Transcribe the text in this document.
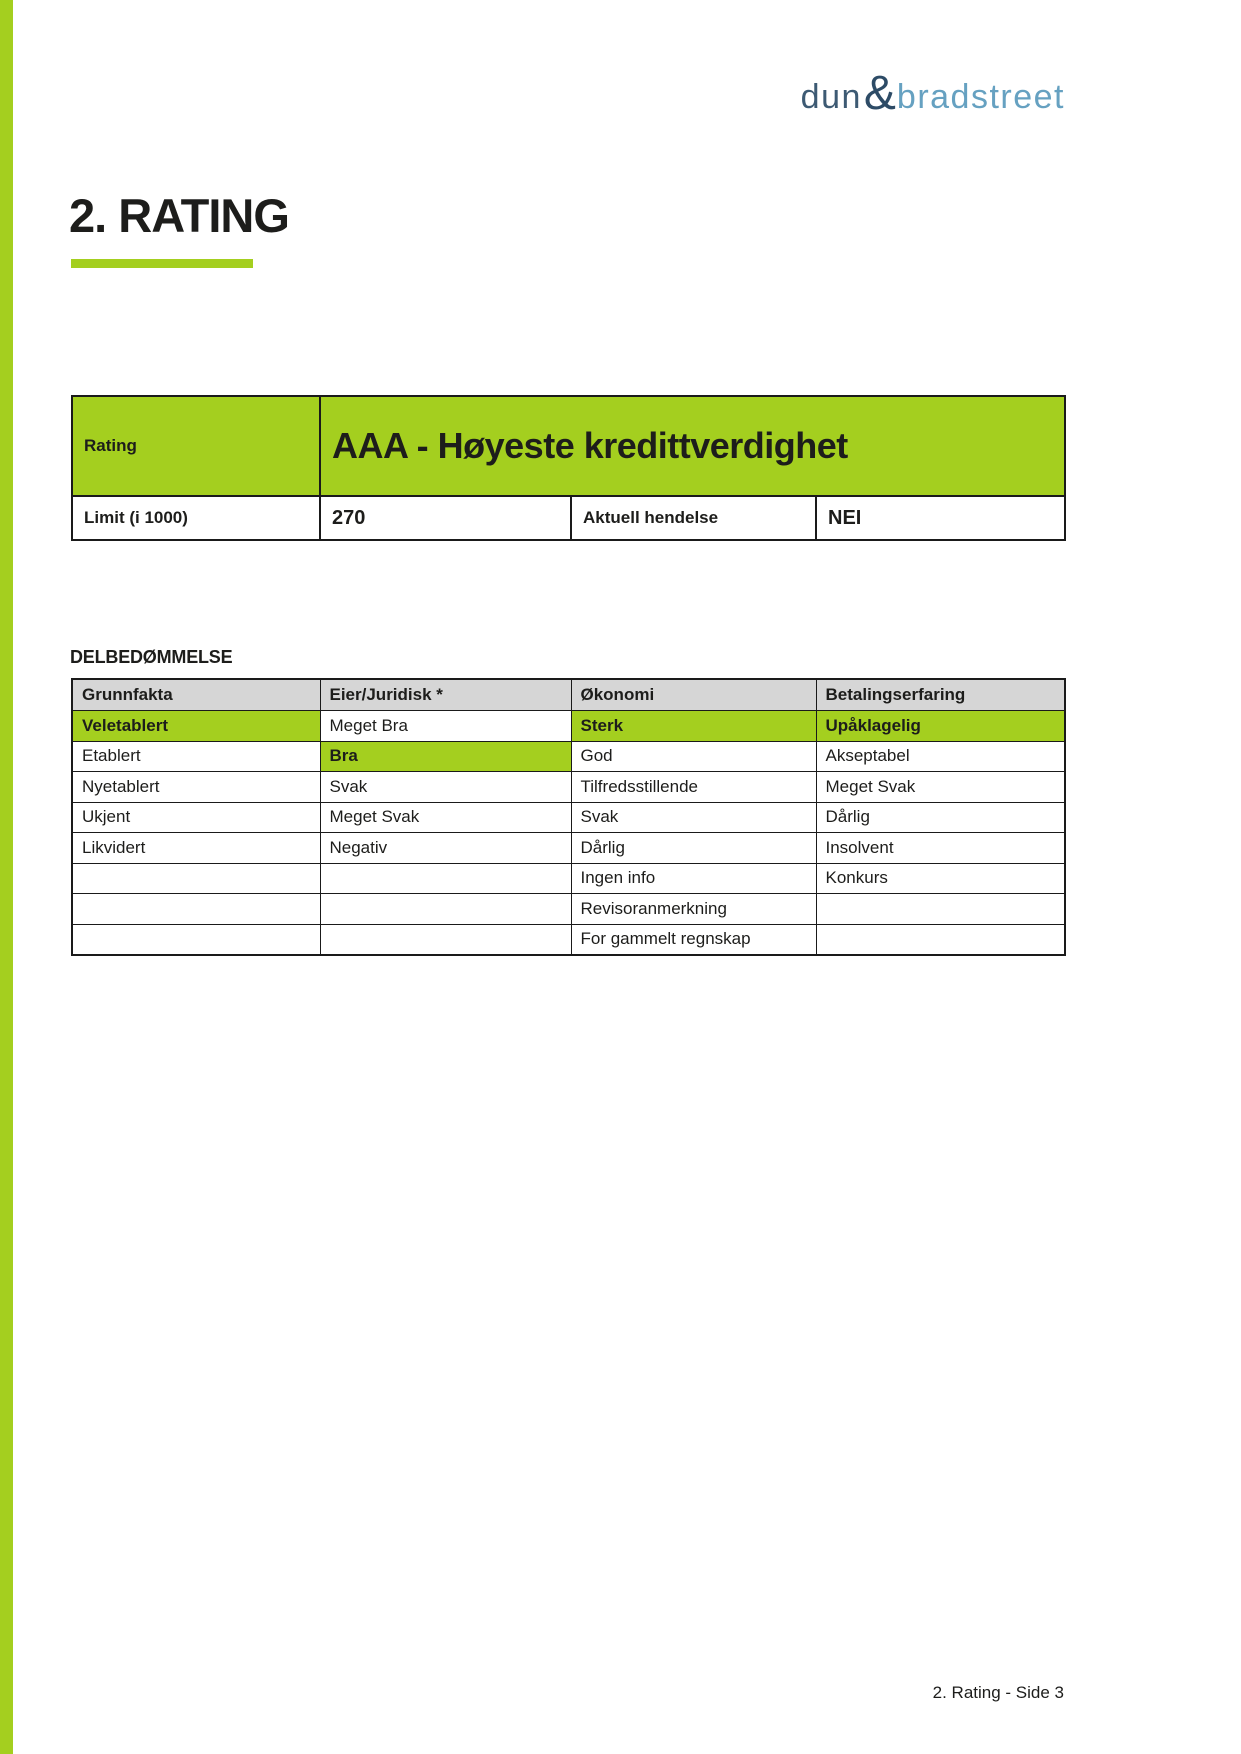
dun & bradstreet
2. RATING
Rating	AAA - Høyeste kredittverdighet		
Limit (i 1000)	270	Aktuell hendelse	NEI
DELBEDØMMELSE
Grunnfakta	Eier/Juridisk *	Økonomi	Betalingserfaring
Veletablert	Meget Bra	Sterk	Upåklagelig
Etablert	Bra	God	Akseptabel
Nyetablert	Svak	Tilfredsstillende	Meget Svak
Ukjent	Meget Svak	Svak	Dårlig
Likvidert	Negativ	Dårlig	Insolvent
		Ingen info	Konkurs
		Revisoranmerkning	
		For gammelt regnskap	
2. Rating - Side 3
